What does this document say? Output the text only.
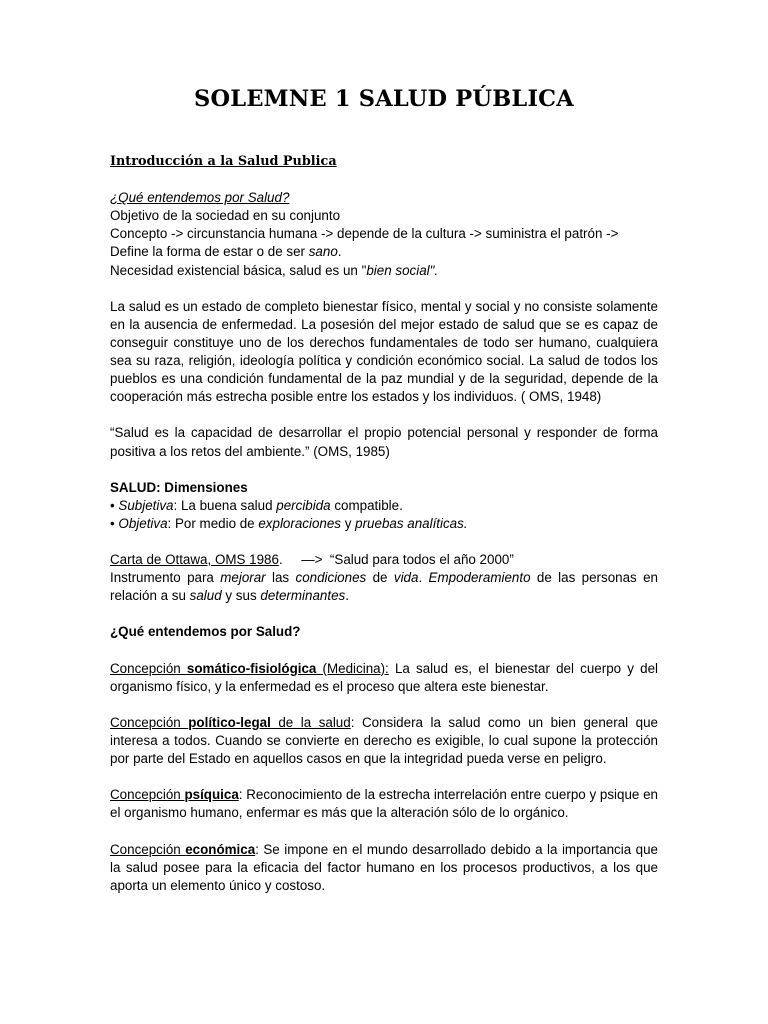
SOLEMNE 1 SALUD PÚBLICA

Introducción a la Salud Publica

¿Qué entendemos por Salud?

Objetivo de la sociedad en su conjunto

Concepto -> circunstancia humana -> depende de la cultura -> suministra el patrón ->

Define la forma de estar o de ser sano.

Necesidad existencial básica, salud es un "bien social".

La salud es un estado de completo bienestar físico, mental y social y no consiste solamente en la ausencia de enfermedad. La posesión del mejor estado de salud que se es capaz de conseguir constituye uno de los derechos fundamentales de todo ser humano, cualquiera sea su raza, religión, ideología política y condición económico social. La salud de todos los pueblos es una condición fundamental de la paz mundial y de la seguridad, depende de la cooperación más estrecha posible entre los estados y los individuos. ( OMS, 1948)

“Salud es la capacidad de desarrollar el propio potencial personal y responder de forma positiva a los retos del ambiente.” (OMS, 1985)

SALUD: Dimensiones

• Subjetiva: La buena salud percibida compatible.

• Objetiva: Por medio de exploraciones y pruebas analíticas.

Carta de Ottawa, OMS 1986.     —>  “Salud para todos el año 2000”

Instrumento para mejorar las condiciones de vida. Empoderamiento de las personas en relación a su salud y sus determinantes.

¿Qué entendemos por Salud?

Concepción somático-fisiológica (Medicina): La salud es, el bienestar del cuerpo y del organismo físico, y la enfermedad es el proceso que altera este bienestar.

Concepción político-legal de la salud: Considera la salud como un bien general que interesa a todos. Cuando se convierte en derecho es exigible, lo cual supone la protección por parte del Estado en aquellos casos en que la integridad pueda verse en peligro.

Concepción psíquica: Reconocimiento de la estrecha interrelación entre cuerpo y psique en el organismo humano, enfermar es más que la alteración sólo de lo orgánico.

Concepción económica: Se impone en el mundo desarrollado debido a la importancia que la salud posee para la eficacia del factor humano en los procesos productivos, a los que aporta un elemento único y costoso.
